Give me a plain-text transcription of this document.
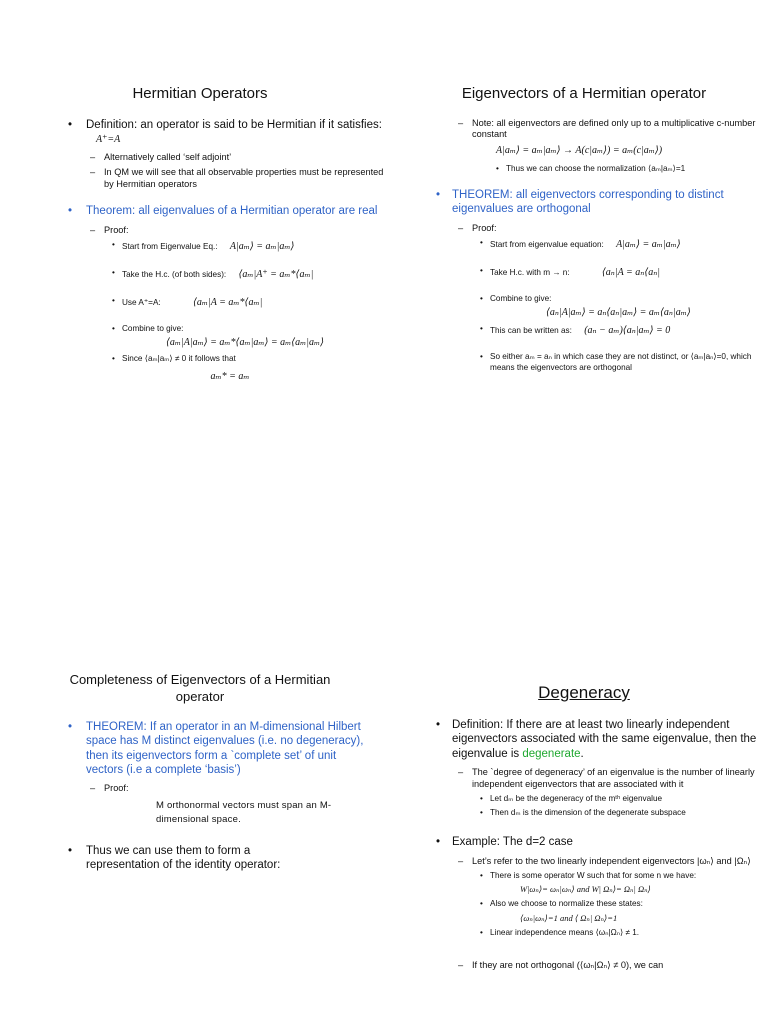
Hermitian Operators
• Definition: an operator is said to be Hermitian if it satisfies: A⁺=A
– Alternatively called ‘self adjoint’
– In QM we will see that all observable properties must be represented by Hermitian operators
• Theorem: all eigenvalues of a Hermitian operator are real
– Proof:
• Start from Eigenvalue Eq.: A|aₘ⟩ = aₘ|aₘ⟩
• Take the H.c. (of both sides): ⟨aₘ|A⁺ = aₘ*⟨aₘ|
• Use A⁺=A:	⟨aₘ|A = aₘ*⟨aₘ|
• Combine to give:
⟨aₘ|A|aₘ⟩ = aₘ*⟨aₘ|aₘ⟩ = aₘ⟨aₘ|aₘ⟩
• Since ⟨aₘ|aₘ⟩ ≠ 0 it follows that
aₘ* = aₘ
Eigenvectors of a Hermitian operator
– Note: all eigenvectors are defined only up to a multiplicative c-number constant
A|aₘ⟩ = aₘ|aₘ⟩ → A(c|aₘ⟩) = aₘ(c|aₘ⟩)
• Thus we can choose the normalization ⟨aₘ|aₘ⟩=1
• THEOREM: all eigenvectors corresponding to distinct eigenvalues are orthogonal
– Proof:
• Start from eigenvalue equation: A|aₘ⟩ = aₘ|aₘ⟩
• Take H.c. with m → n:	⟨aₙ|A = aₙ⟨aₙ|
• Combine to give:
⟨aₙ|A|aₘ⟩ = aₙ⟨aₙ|aₘ⟩ = aₘ⟨aₙ|aₘ⟩
• This can be written as: (aₙ − aₘ)⟨aₙ|aₘ⟩ = 0
• So either aₘ = aₙ in which case they are not distinct, or ⟨aₘ|aₙ⟩=0, which means the eigenvectors are orthogonal
Completeness of Eigenvectors of a Hermitian operator
• THEOREM: If an operator in an M-dimensional Hilbert space has M distinct eigenvalues (i.e. no degeneracy), then its eigenvectors form a `complete set’ of unit vectors (i.e a complete ‘basis’)
– Proof:
M orthonormal vectors must span an M-dimensional space.
• Thus we can use them to form a representation of the identity operator:
Degeneracy
• Definition: If there are at least two linearly independent eigenvectors associated with the same eigenvalue, then the eigenvalue is degenerate.
– The `degree of degeneracy’ of an eigenvalue is the number of linearly independent eigenvectors that are associated with it
• Let dₘ be the degeneracy of the mᵗʰ eigenvalue
• Then dₘ is the dimension of the degenerate subspace
• Example: The d=2 case
– Let’s refer to the two linearly independent eigenvectors |ωₙ⟩ and |Ωₙ⟩
• There is some operator W such that for some n we have:
W|ωₙ⟩= ωₙ|ωₙ⟩ and W| Ωₙ⟩= Ωₙ| Ωₙ⟩
• Also we choose to normalize these states:
⟨ωₙ|ωₙ⟩=1 and ⟨ Ωₙ| Ωₙ⟩=1
• Linear independence means ⟨ωₙ|Ωₙ⟩ ≠ 1.
– If they are not orthogonal (⟨ωₙ|Ωₙ⟩ ≠ 0), we can
